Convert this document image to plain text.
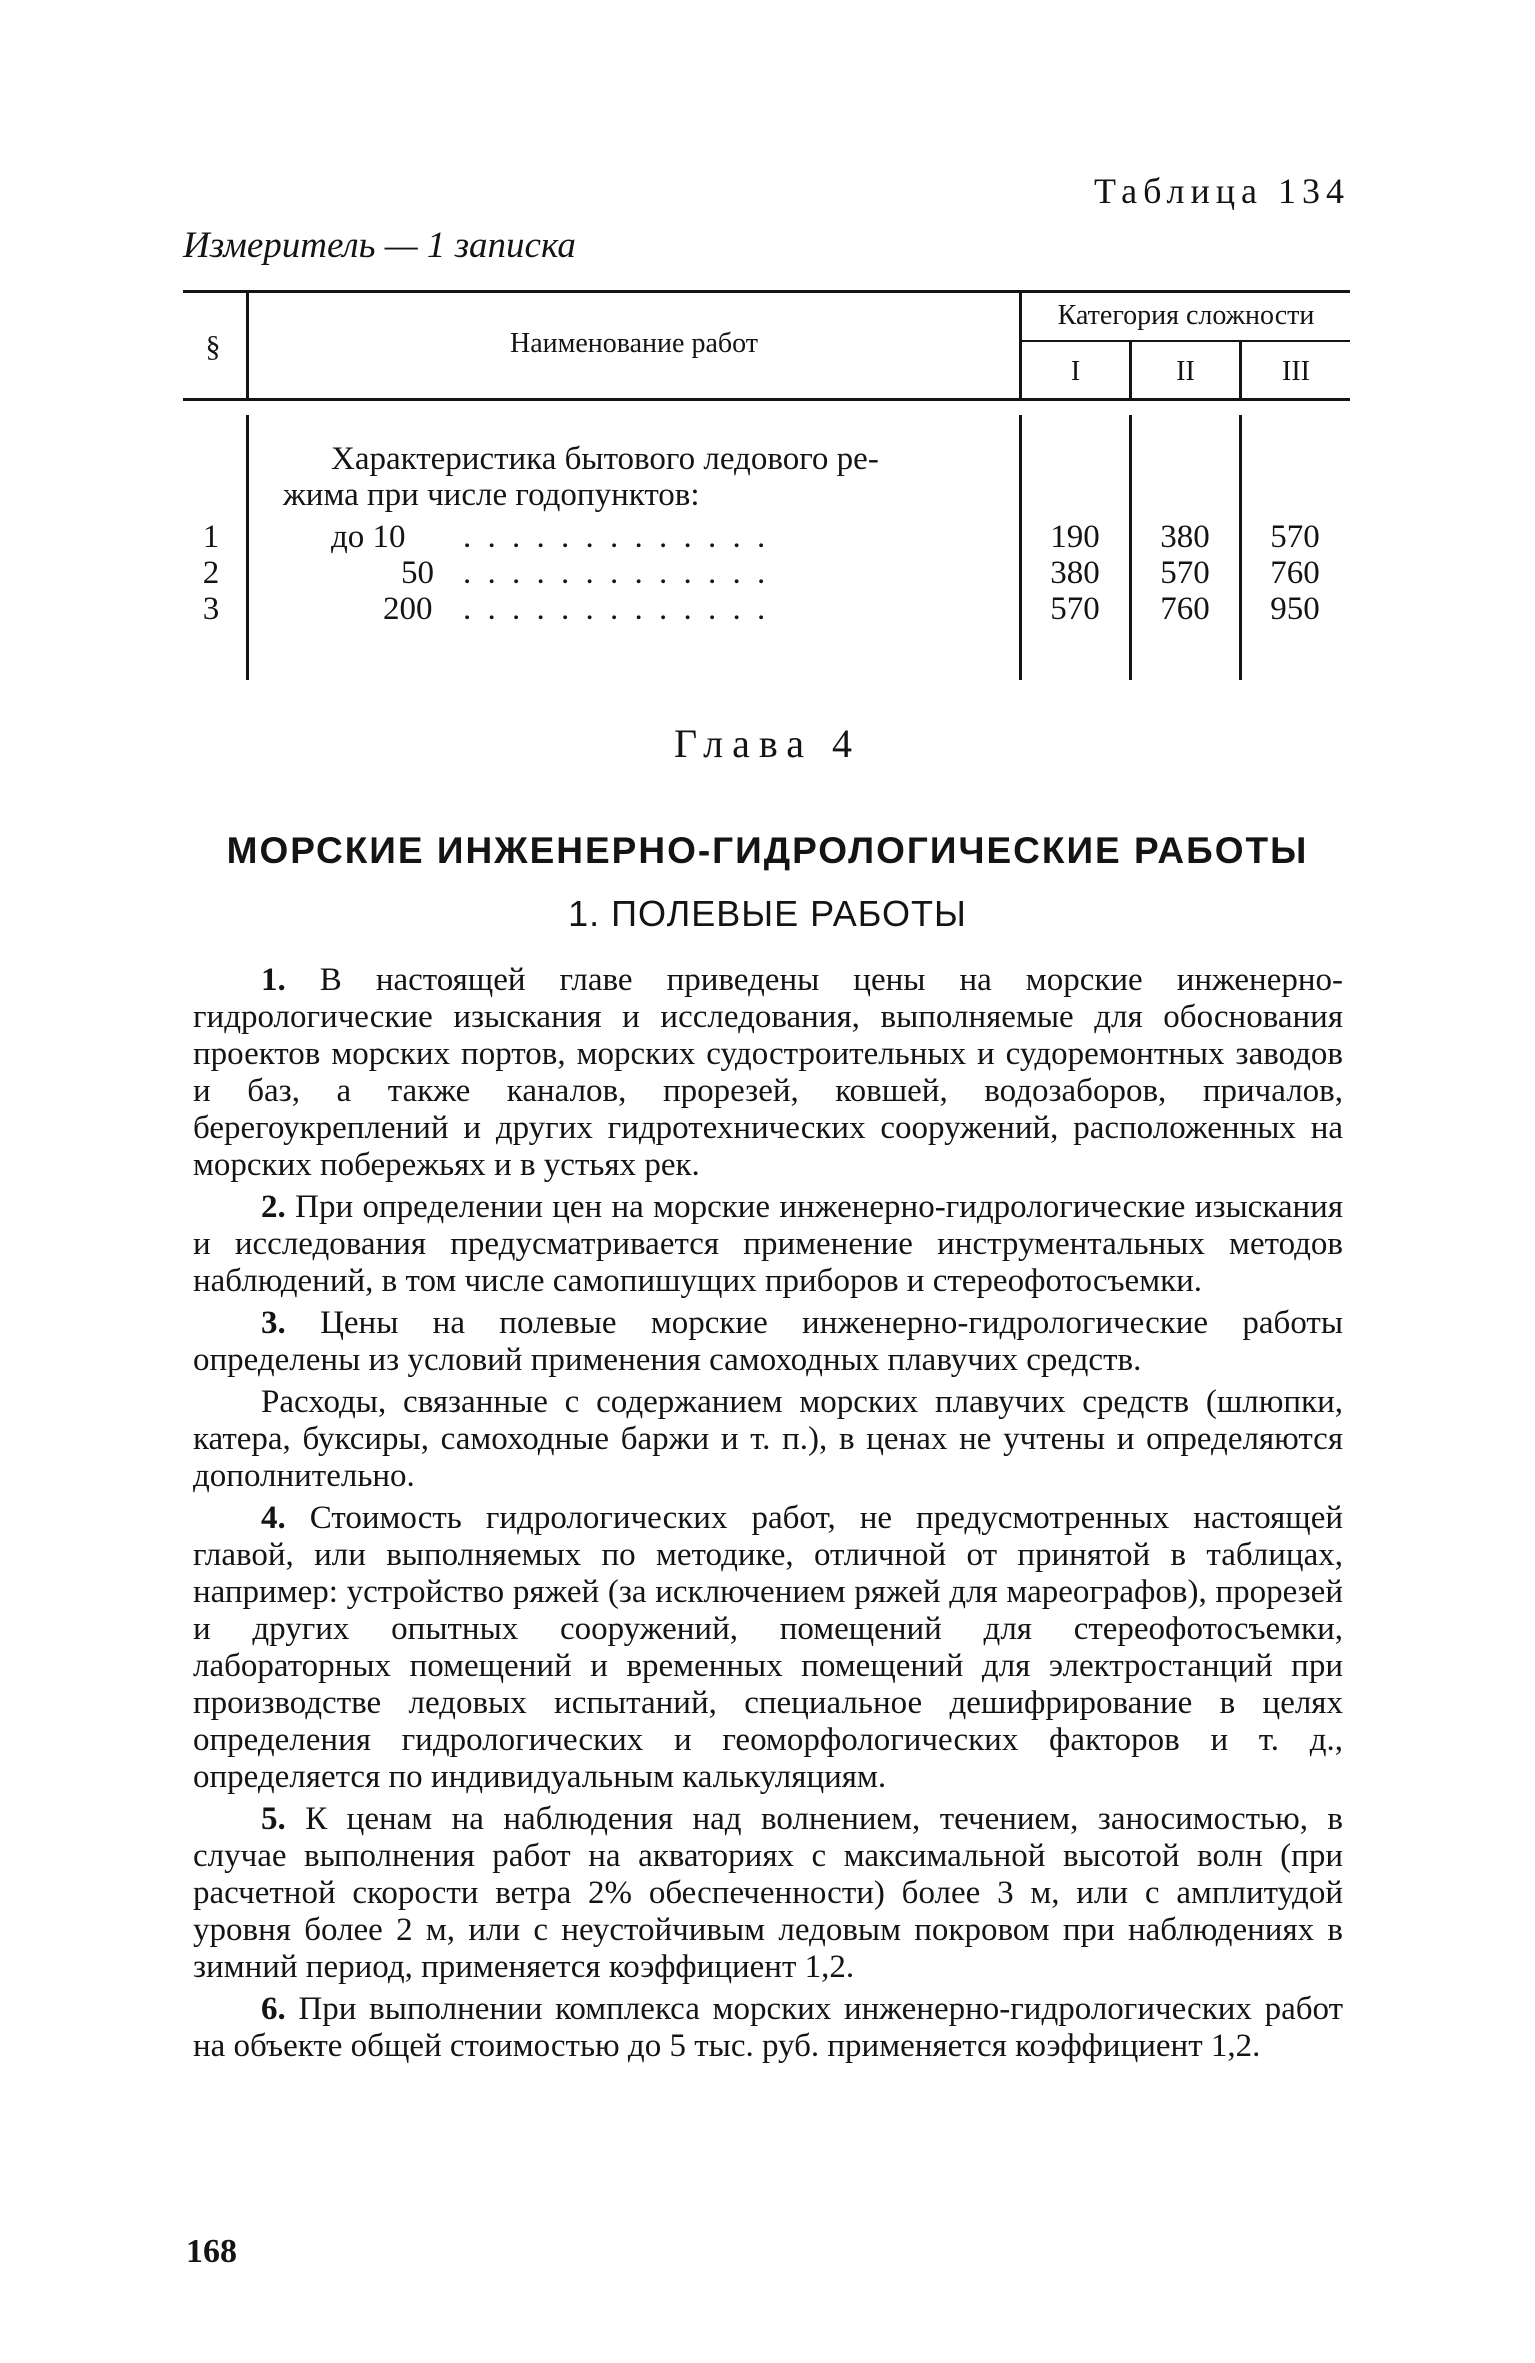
Таблица 134
Измеритель — 1 записка
§	Наименование работ
Категория сложности
I	II	III
Характеристика бытового ледового ре-
жима при числе годопунктов:
1	до 10 . . . . . . . . . . . . .	190	380	570
2	50 . . . . . . . . . . . . .	380	570	760
3	200 . . . . . . . . . . . . .	570	760	950
Глава 4
МОРСКИЕ ИНЖЕНЕРНО-ГИДРОЛОГИЧЕСКИЕ РАБОТЫ
1. ПОЛЕВЫЕ РАБОТЫ

1. В настоящей главе приведены цены на морские инженерно-гидрологические изыскания и исследования, выполняемые для обоснования проектов морских портов, морских судостроительных и судоремонтных заводов и баз, а также каналов, прорезей, ковшей, водозаборов, причалов, берегоукреплений и других гидротехнических сооружений, расположенных на морских побережьях и в устьях рек.

2. При определении цен на морские инженерно-гидрологические изыскания и исследования предусматривается применение инструментальных методов наблюдений, в том числе самопишущих приборов и стереофотосъемки.

3. Цены на полевые морские инженерно-гидрологические работы определены из условий применения самоходных плавучих средств.

Расходы, связанные с содержанием морских плавучих средств (шлюпки, катера, буксиры, самоходные баржи и т. п.), в ценах не учтены и определяются дополнительно.

4. Стоимость гидрологических работ, не предусмотренных настоящей главой, или выполняемых по методике, отличной от принятой в таблицах, например: устройство ряжей (за исключением ряжей для мареографов), прорезей и других опытных сооружений, помещений для стереофотосъемки, лабораторных помещений и временных помещений для электростанций при производстве ледовых испытаний, специальное дешифрирование в целях определения гидрологических и геоморфологических факторов и т. д., определяется по индивидуальным калькуляциям.

5. К ценам на наблюдения над волнением, течением, заносимостью, в случае выполнения работ на акваториях с максимальной высотой волн (при расчетной скорости ветра 2% обеспеченности) более 3 м, или с амплитудой уровня более 2 м, или с неустойчивым ледовым покровом при наблюдениях в зимний период, применяется коэффициент 1,2.

6. При выполнении комплекса морских инженерно-гидрологических работ на объекте общей стоимостью до 5 тыс. руб. применяется коэффициент 1,2.

168
